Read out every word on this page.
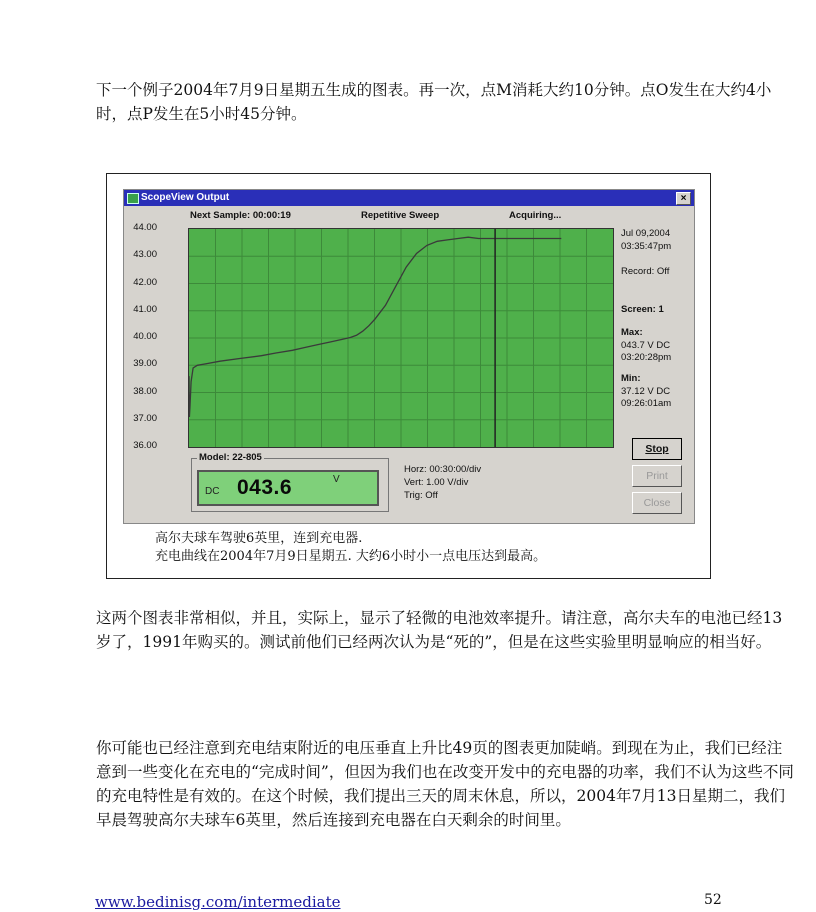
下一个例子2004年7月9日星期五生成的图表。再一次，点M消耗大约10分钟。点O发生在大约4小时，点P发生在5小时45分钟。

ScopeView Output	×
Next Sample: 00:00:19	Repetitive Sweep	Acquiring...
44.00
43.00
42.00
41.00
40.00
39.00
38.00
37.00
36.00
Jul 09,2004
03:35:47pm
Record: Off
Screen: 1
Max:
043.7 V DC
03:20:28pm
Min:
37.12 V DC
09:26:01am
Stop
Print
Close
Model: 22-805
DC 043.6	V
Horz: 00:30:00/div
Vert: 1.00 V/div
Trig: Off
高尔夫球车驾驶6英里，连到充电器.
充电曲线在2004年7月9日星期五. 大约6小时小一点电压达到最高。

这两个图表非常相似，并且，实际上，显示了轻微的电池效率提升。请注意，高尔夫车的电池已经13岁了，1991年购买的。测试前他们已经两次认为是“死的”，但是在这些实验里明显响应的相当好。

你可能也已经注意到充电结束附近的电压垂直上升比49页的图表更加陡峭。到现在为止，我们已经注意到一些变化在充电的“完成时间”，但因为我们也在改变开发中的充电器的功率，我们不认为这些不同的充电特性是有效的。在这个时候，我们提出三天的周末休息，所以，2004年7月13日星期二，我们早晨驾驶高尔夫球车6英里，然后连接到充电器在白天剩余的时间里。

www.bedinisg.com/intermediate	52
